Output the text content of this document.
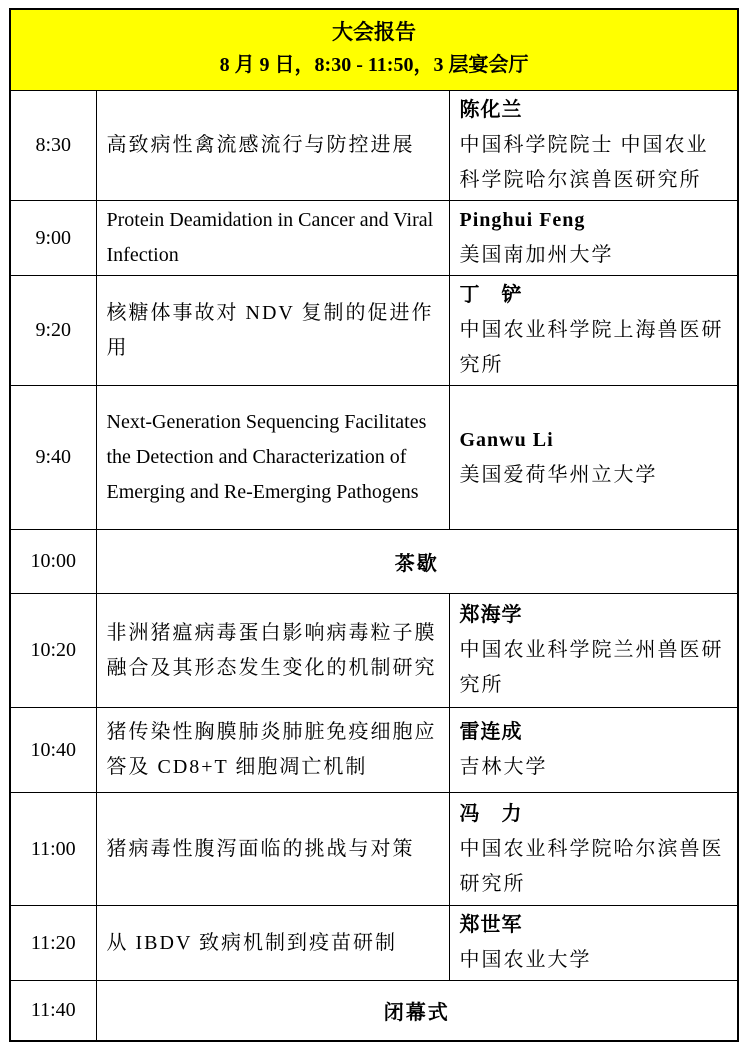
大会报告
8 月 9 日，8:30 - 11:50，3 层宴会厅		

8:30	高致病性禽流感流行与防控进展	陈化兰
中国科学院院士 中国农业科学院哈尔滨兽医研究所

9:00	Protein Deamidation in Cancer and Viral Infection	Pinghui Feng
美国南加州大学

9:20	核糖体事故对 NDV 复制的促进作用	丁　铲
中国农业科学院上海兽医研究所

9:40	Next-Generation Sequencing Facilitates the Detection and Characterization of Emerging and Re-Emerging Pathogens	Ganwu Li
美国爱荷华州立大学

10:00	茶歇	
10:20	非洲猪瘟病毒蛋白影响病毒粒子膜融合及其形态发生变化的机制研究	郑海学
中国农业科学院兰州兽医研究所

10:40	猪传染性胸膜肺炎肺脏免疫细胞应答及 CD8+T 细胞凋亡机制	雷连成
吉林大学

11:00	猪病毒性腹泻面临的挑战与对策	冯　力
中国农业科学院哈尔滨兽医研究所

11:20	从 IBDV 致病机制到疫苗研制	郑世军
中国农业大学

11:40	闭幕式	
